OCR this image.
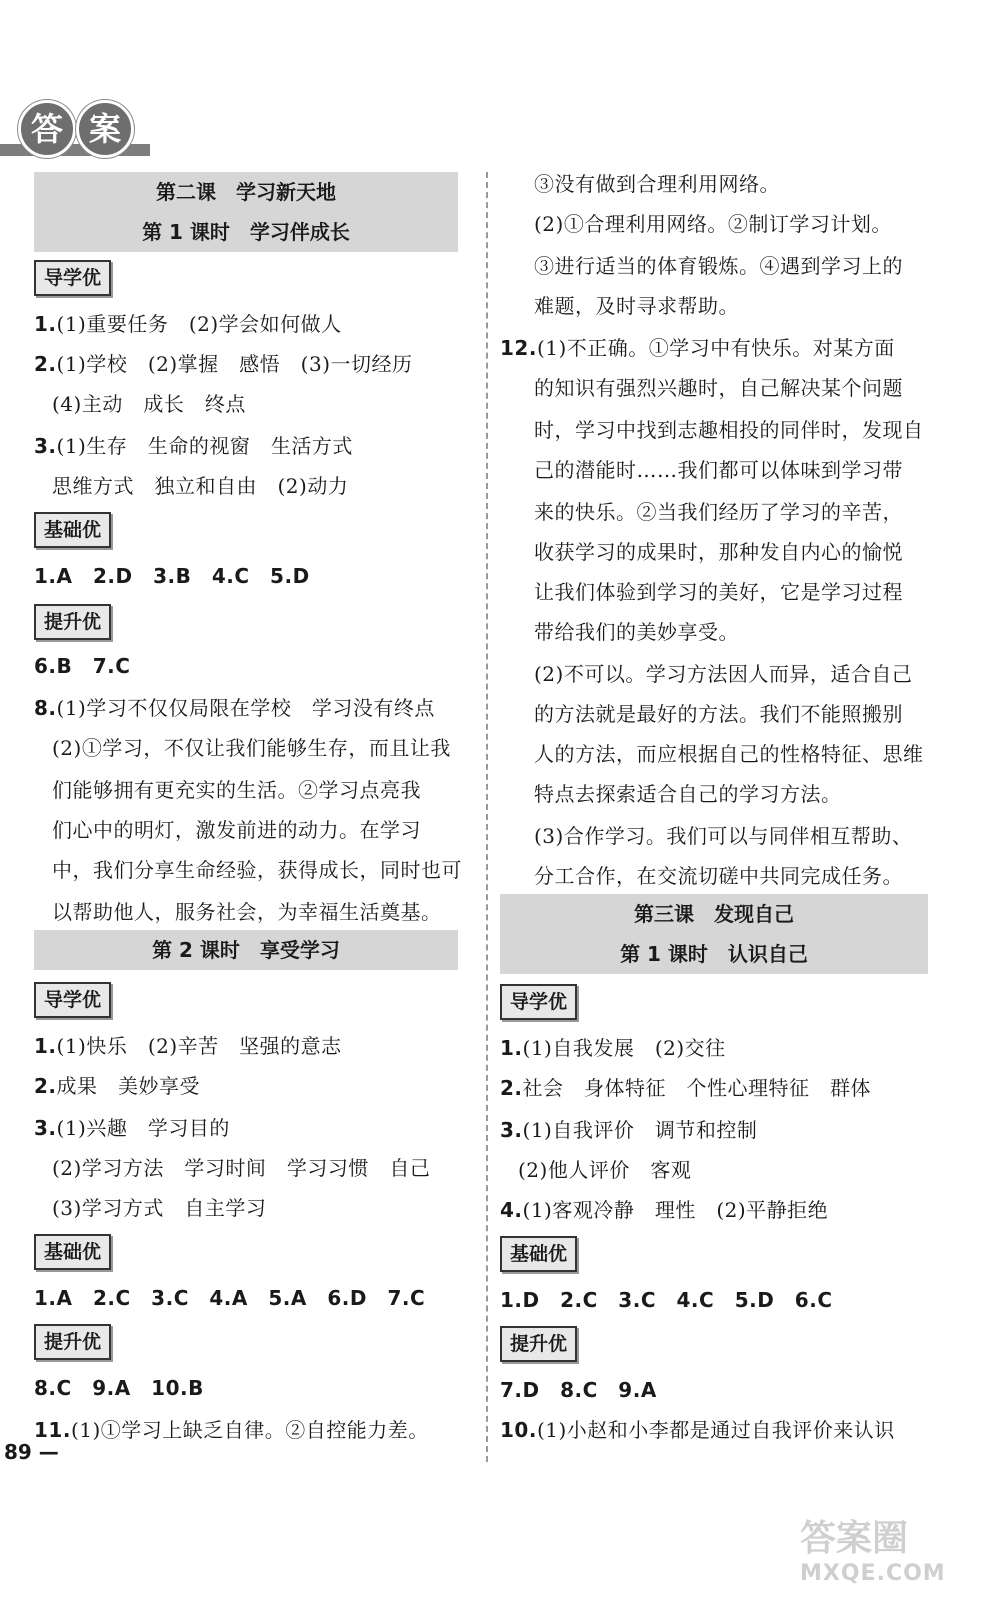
答 案
第二课　学习新天地
第 1 课时　学习伴成长
导学优
1.(1)重要任务　(2)学会如何做人
2.(1)学校　(2)掌握　感悟　(3)一切经历
(4)主动　成长　终点
3.(1)生存　生命的视窗　生活方式
思维方式　独立和自由　(2)动力
基础优
1.A　2.D　3.B　4.C　5.D
提升优
6.B　7.C
8.(1)学习不仅仅局限在学校　学习没有终点
(2)①学习，不仅让我们能够生存，而且让我
们能够拥有更充实的生活。②学习点亮我
们心中的明灯，激发前进的动力。在学习
中，我们分享生命经验，获得成长，同时也可
以帮助他人，服务社会，为幸福生活奠基。
第 2 课时　享受学习
导学优
1.(1)快乐　(2)辛苦　坚强的意志
2.成果　美妙享受
3.(1)兴趣　学习目的
(2)学习方法　学习时间　学习习惯　自己
(3)学习方式　自主学习
基础优
1.A　2.C　3.C　4.A　5.A　6.D　7.C
提升优
8.C　9.A　10.B
11.(1)①学习上缺乏自律。②自控能力差。
③没有做到合理利用网络。
(2)①合理利用网络。②制订学习计划。
③进行适当的体育锻炼。④遇到学习上的
难题，及时寻求帮助。
12.(1)不正确。①学习中有快乐。对某方面
的知识有强烈兴趣时，自己解决某个问题
时，学习中找到志趣相投的同伴时，发现自
己的潜能时……我们都可以体味到学习带
来的快乐。②当我们经历了学习的辛苦，
收获学习的成果时，那种发自内心的愉悦
让我们体验到学习的美好，它是学习过程
带给我们的美妙享受。
(2)不可以。学习方法因人而异，适合自己
的方法就是最好的方法。我们不能照搬别
人的方法，而应根据自己的性格特征、思维
特点去探索适合自己的学习方法。
(3)合作学习。我们可以与同伴相互帮助、
分工合作，在交流切磋中共同完成任务。
第三课　发现自己
第 1 课时　认识自己
导学优
1.(1)自我发展　(2)交往
2.社会　身体特征　个性心理特征　群体
3.(1)自我评价　调节和控制
(2)他人评价　客观
4.(1)客观冷静　理性　(2)平静拒绝
基础优
1.D　2.C　3.C　4.C　5.D　6.C
提升优
7.D　8.C　9.A
10.(1)小赵和小李都是通过自我评价来认识
89 —
答案圈
MXQE.COM
